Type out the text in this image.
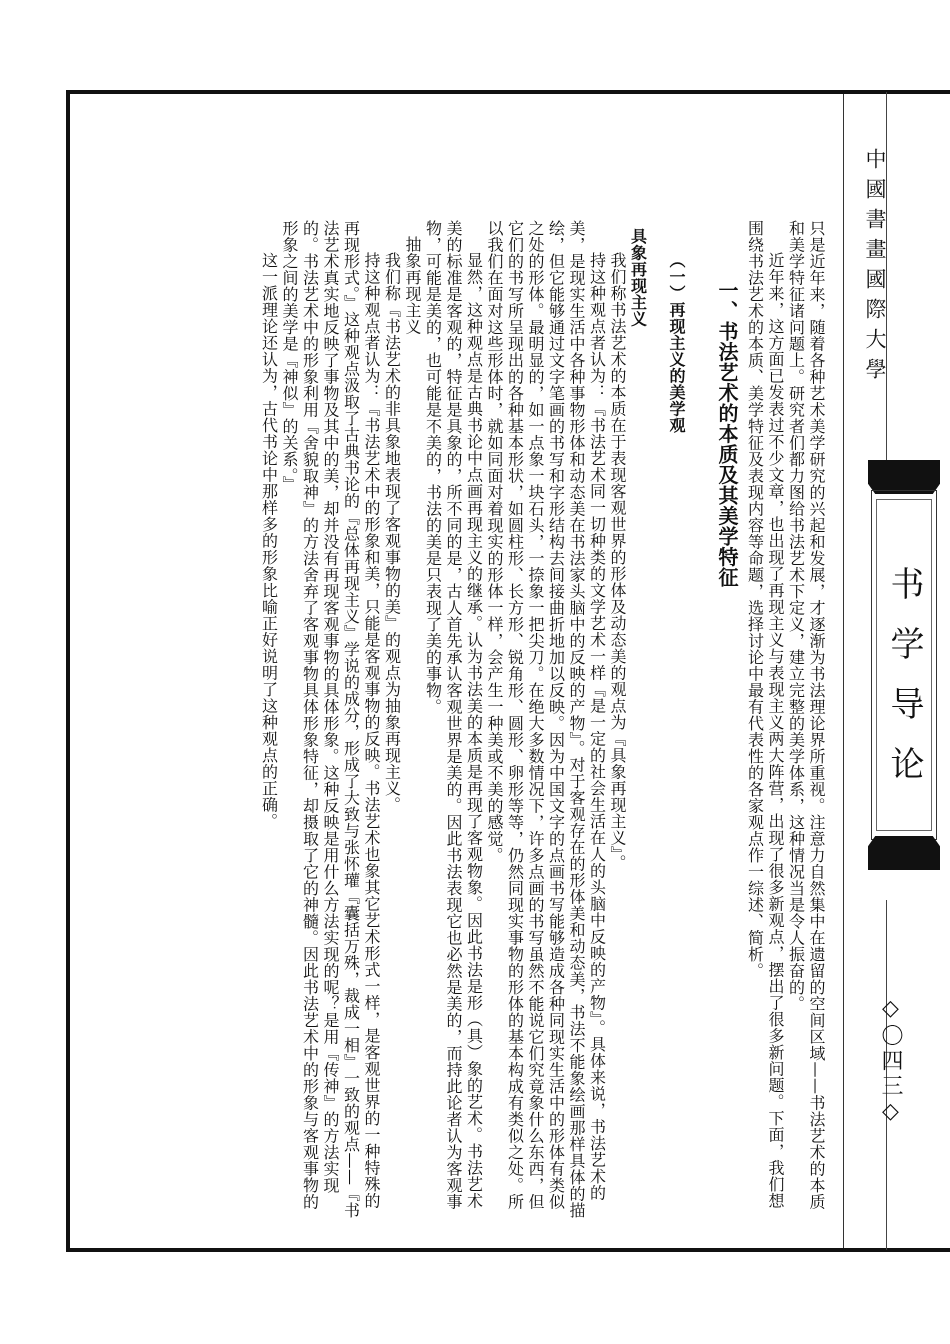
只是近年来，随着各种艺术美学研究的兴起和发展，才逐渐为书法理论界所重视。注意力自然集中在遗留的空间区域——书法艺术的本质和美学特征诸问题上。研究者们都力图给书法艺术下定义，建立完整的美学体系，这种情况当是令人振奋的。

近年来，这方面已发表过不少文章，也出现了再现主义与表现主义两大阵营，出现了很多新观点，摆出了很多新问题。下面，我们想围绕书法艺术的本质、美学特征及表现内容等命题，选择讨论中最有代表性的各家观点作一综述、简析。

一、书法艺术的本质及其美学特征

（一）再现主义的美学观

具象再现主义

我们称书法艺术的本质在于表现客观世界的形体及动态美的观点为『具象再现主义』。

持这种观点者认为：『书法艺术同一切种类的文学艺术一样『是一定的社会生活在人的头脑中反映的产物』。具体来说，书法艺术的美，是现实生活中各种事物形体和动态美在书法家头脑中的反映的产物』。对于客观存在的形体美和动态美，书法不能象绘画那样具体的描绘，但它能够通过文字笔画的书写和字形结构去间接曲折地加以反映。因为中国文字的点画书写能够造成各种同现实生活中的形体有类似之处的形体。最明显的，如一点象一块石头，一捺象一把尖刀。在绝大多数情况下，许多点画的书写虽然不能说它们究竟象什么东西，但它们的书写所呈现出的各种基本形状，如圆柱形、长方形、锐角形、圆形、卵形等等，仍然同现实事物的形体的基本构成有类似之处。所以我们在面对这些形体时，就如同面对着现实的形体一样，会产生一种美或不美的感觉。

显然，这种观点是古典书论中点画再现主义的继承。认为书法美的本质是再现了客观物象。因此书法是形（具）象的艺术。书法艺术美的标准是客观的，特征是具象的，所不同的是，古人首先承认客观世界是美的。因此书法表现它也必然是美的，而持此论者认为客观事物，可能是美的，也可能是不美的，书法的美是只表现了美的事物。

抽象再现主义

我们称『书法艺术的非具象地表现了客观事物的美』的观点为抽象再现主义。

持这种观点者认为：『书法艺术中的形象和美，只能是客观事物的反映。书法艺术也象其它艺术形式一样，是客观世界的一种特殊的再现形式。』这种观点汲取了古典书论的『总体再现主义』学说的成分，形成了大致与张怀瓘『囊括万殊，裁成一相』一致的观点——『书法艺术真实地反映了事物及其中的美，却并没有再现客观事物的具体形象。这种反映是用什么方法实现的呢？是用『传神』的方法实现的。书法艺术中的形象利用『舍貌取神』的方法舍弃了客观事物具体形象特征，却摄取了它的神髓。因此书法艺术中的形象与客观事物的形象之间的美学是『神似』的关系。』

这一派理论还认为，古代书论中那样多的形象比喻正好说明了这种观点的正确。	中國書畫國際大學
书学导论
◇〇四三◇
